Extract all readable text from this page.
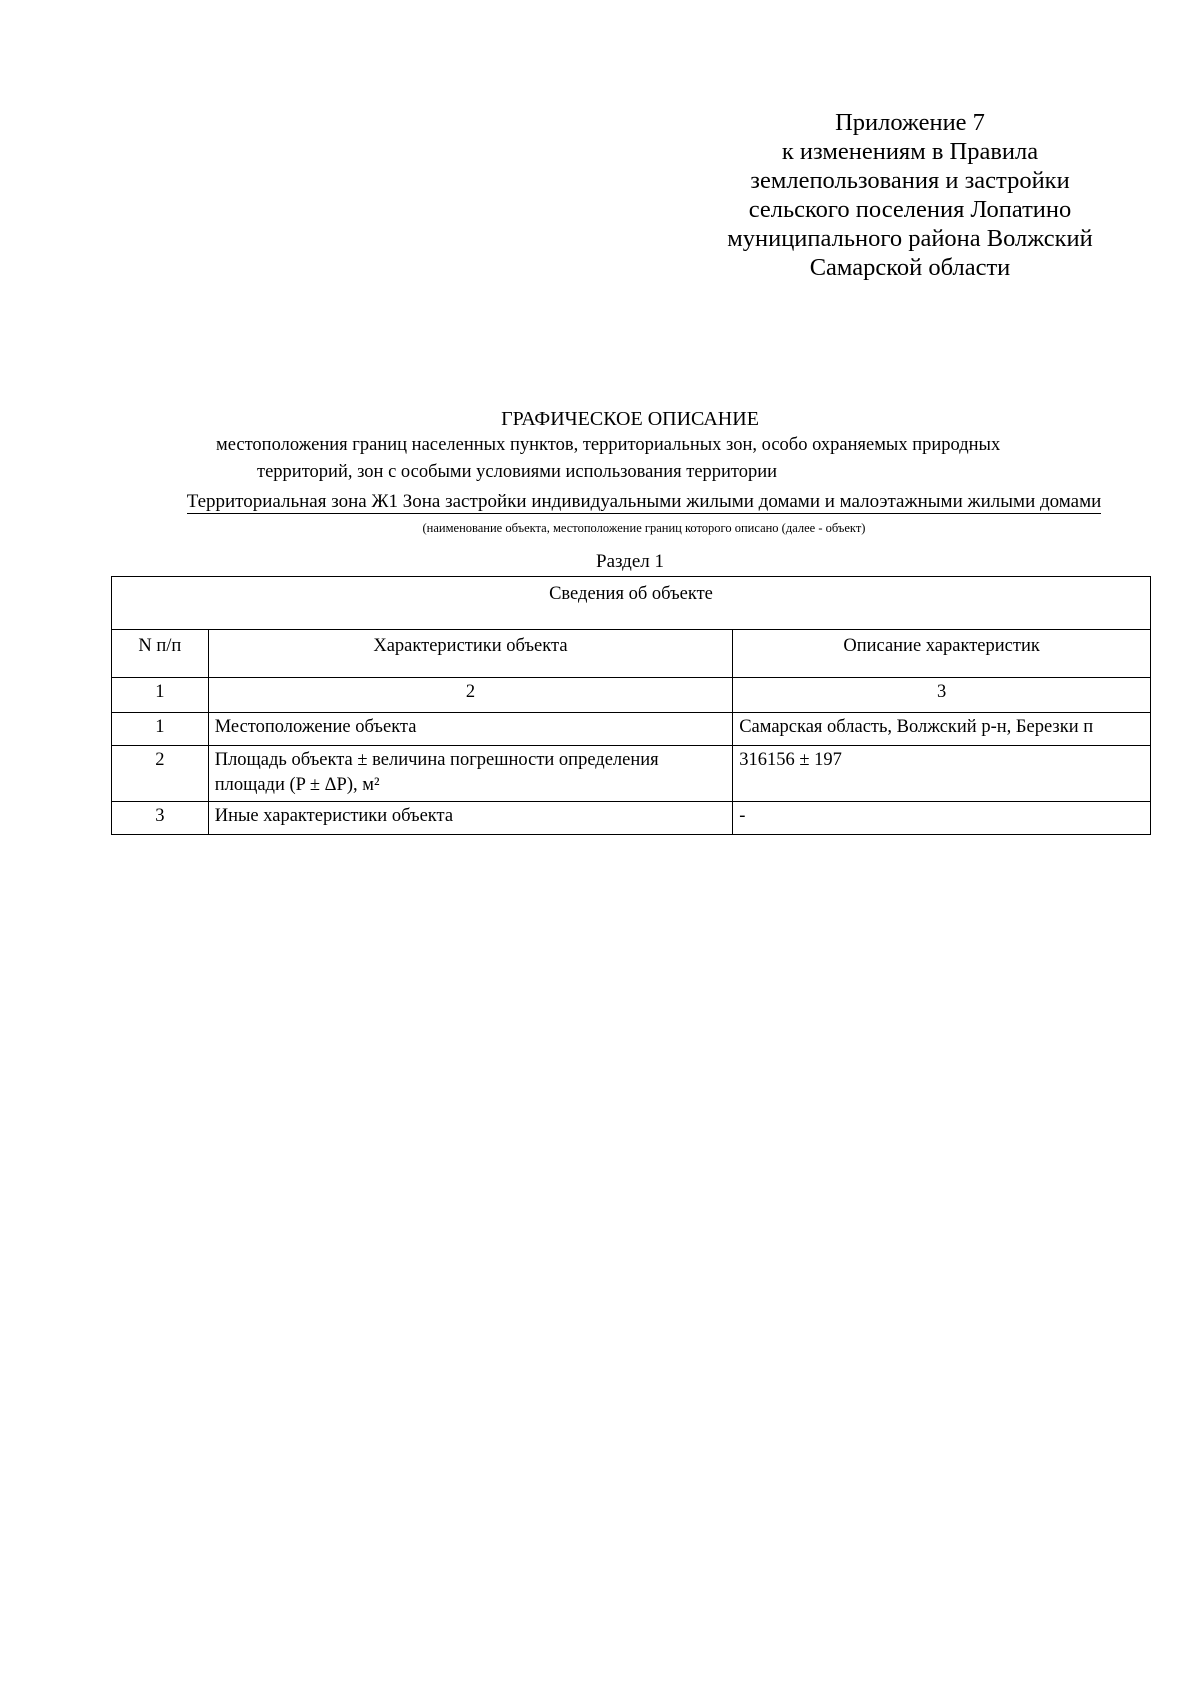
Приложение 7
к изменениям в Правила
землепользования и застройки
сельского поселения Лопатино
муниципального района Волжский
Самарской области
ГРАФИЧЕСКОЕ ОПИСАНИЕ
местоположения границ населенных пунктов, территориальных зон, особо охраняемых природных
территорий, зон с особыми условиями использования территории
Территориальная зона Ж1 Зона застройки индивидуальными жилыми домами и малоэтажными жилыми домами
(наименование объекта, местоположение границ которого описано (далее - объект)
Раздел 1
Сведения об объекте		
N п/п	Характеристики объекта	Описание характеристик
1	2	3
1	Местоположение объекта	Самарская область, Волжский р-н, Березки п
2	Площадь объекта ± величина погрешности определения площади (P ± ΔP), м²	316156 ± 197
3	Иные характеристики объекта	-
